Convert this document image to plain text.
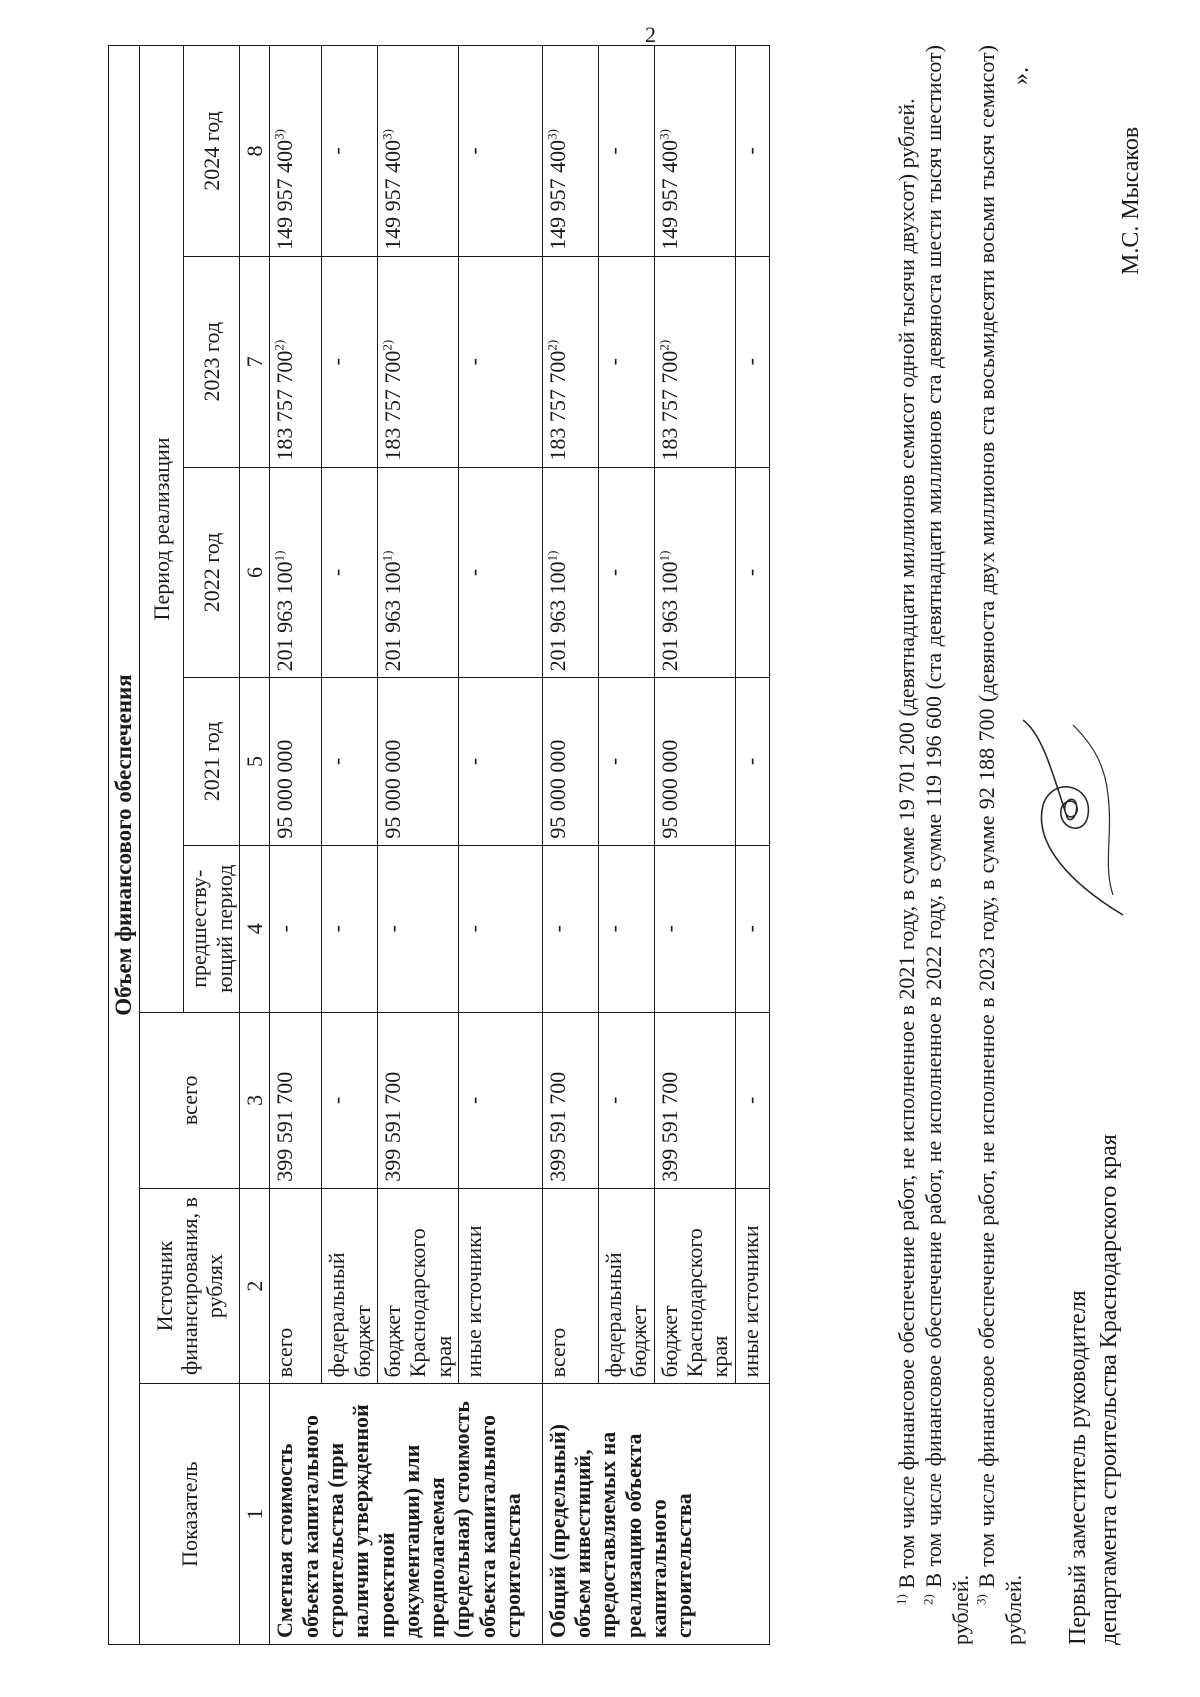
2
Объем финансового обеспечения							
Показатель	Источник финансирования, в рублях	всего	Период реализации				
			предшеству-ющий период	2021 год	2022 год	2023 год	2024 год
1	2	3	4	5	6	7	8
Сметная стоимость объекта капитального строительства (при наличии утвержденной проектной документации) или предполагаемая (предельная) стоимость объекта капитального строительства	всего	399 591 700	-	95 000 000	201 963 100$^{1)}$	183 757 700$^{2)}$	149 957 400$^{3)}$
	федеральный бюджет	-	-	-	-	-	-
	бюджет Краснодарского края	399 591 700	-	95 000 000	201 963 100$^{1)}$	183 757 700$^{2)}$	149 957 400$^{3)}$
	иные источники	-	-	-	-	-	-
Общий (предельный) объем инвестиций, предоставляемых на реализацию объекта капитального строительства	всего	399 591 700	-	95 000 000	201 963 100$^{1)}$	183 757 700$^{2)}$	149 957 400$^{3)}$
	федеральный бюджет	-	-	-	-	-	-
	бюджет Краснодарского края	399 591 700	-	95 000 000	201 963 100$^{1)}$	183 757 700$^{2)}$	149 957 400$^{3)}$
	иные источники	-	-	-	-	-	-

$^{1)}$ В том числе финансовое обеспечение работ, не исполненное в 2021 году, в сумме 19 701 200 (девятнадцати миллионов семисот одной тысячи двухсот) рублей.

$^{2)}$ В том числе финансовое обеспечение работ, не исполненное в 2022 году, в сумме 119 196 600 (ста девятнадцати миллионов ста девяноста шести тысяч шестисот) рублей. $^{3)}$ В том числе финансовое обеспечение работ, не исполненное в 2023 году, в сумме 92 188 700 (девяноста двух миллионов ста восьмидесяти восьми тысяч семисот) рублей.

».
Первый заместитель руководителя департамента строительства Краснодарского края
М.С. Мысаков
